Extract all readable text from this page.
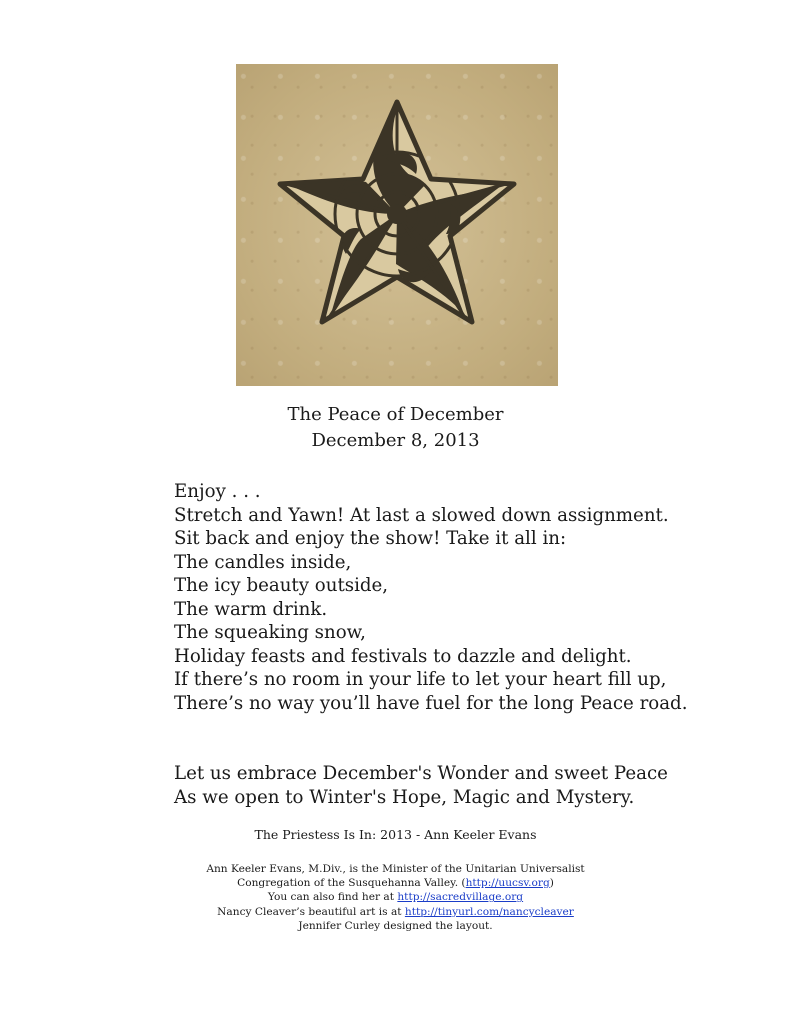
The Peace of December
December 8, 2013
Enjoy . . .
Stretch and Yawn! At last a slowed down assignment.
Sit back and enjoy the show! Take it all in:
The candles inside,
The icy beauty outside,
The warm drink.
The squeaking snow,
Holiday feasts and festivals to dazzle and delight.
If there’s no room in your life to let your heart fill up,
There’s no way you’ll have fuel for the long Peace road.
Let us embrace December's Wonder and sweet Peace
As we open to Winter's Hope, Magic and Mystery.
The Priestess Is In: 2013 - Ann Keeler Evans
Ann Keeler Evans, M.Div., is the Minister of the Unitarian Universalist
Congregation of the Susquehanna Valley. (http://uucsv.org)
You can also find her at http://sacredvillage.org
Nancy Cleaver’s beautiful art is at http://tinyurl.com/nancycleaver
Jennifer Curley designed the layout.
